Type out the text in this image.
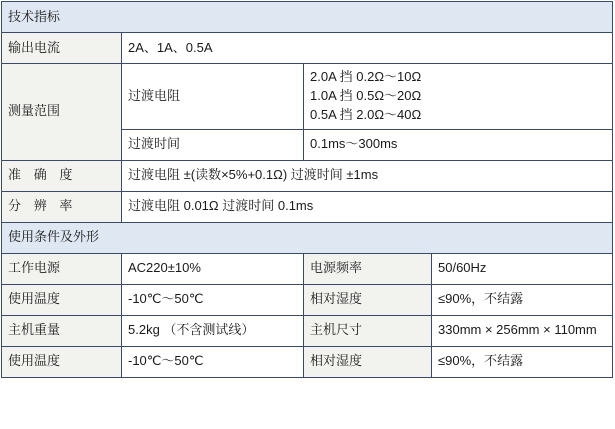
技术指标			
输出电流	2A、1A、0.5A		
测量范围	过渡电阻	2.0A 挡 0.2Ω～10Ω
1.0A 挡 0.5Ω～20Ω
0.5A 挡 2.0Ω～40Ω	

	过渡时间	0.1ms～300ms	
准 确 度	过渡电阻 ±(读数×5%+0.1Ω) 过渡时间 ±1ms		
分 辨 率	过渡电阻 0.01Ω 过渡时间 0.1ms		
使用条件及外形			
工作电源	AC220±10%	电源频率	50/60Hz
使用温度	-10℃～50℃	相对湿度	≤90%，不结露
主机重量	5.2kg （不含测试线）	主机尺寸	330mm × 256mm × 110mm
使用温度	-10℃～50℃	相对湿度	≤90%，不结露
